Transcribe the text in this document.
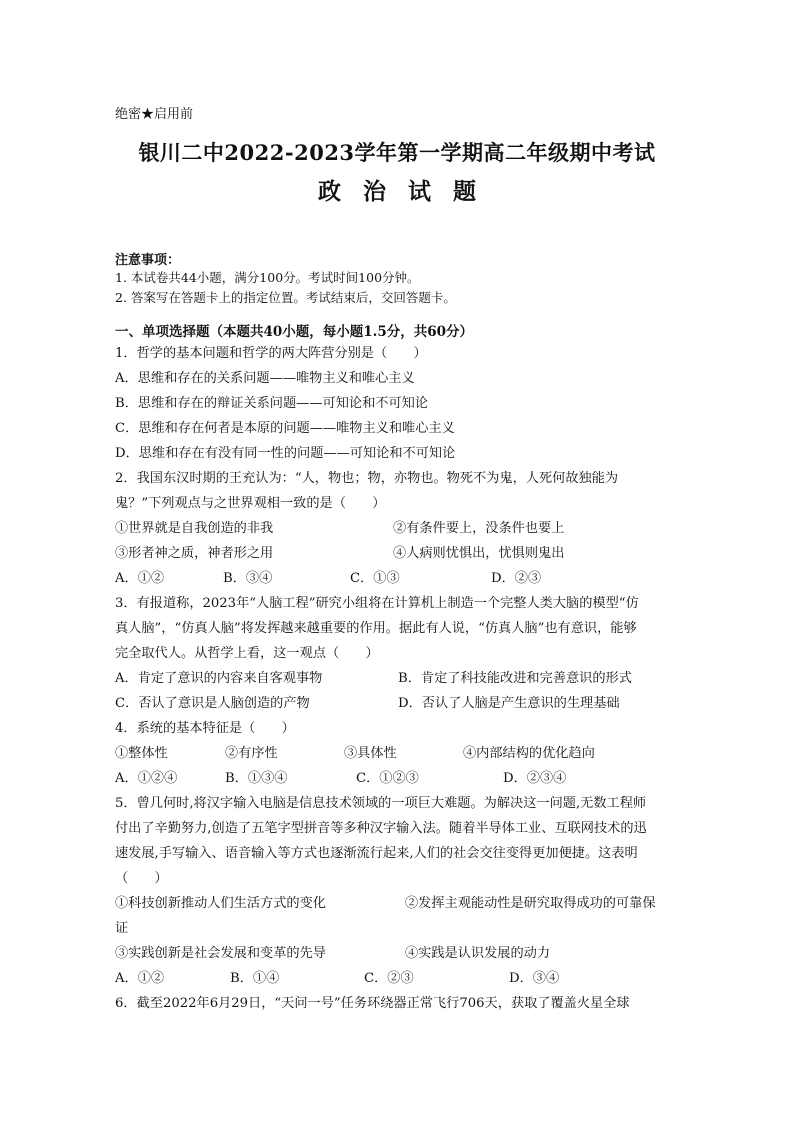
绝密★启用前
银川二中2022-2023学年第一学期高二年级期中考试
政治试题
注意事项：
1. 本试卷共44小题，满分100分。考试时间100分钟。
2. 答案写在答题卡上的指定位置。考试结束后，交回答题卡。
一、单项选择题（本题共40小题，每小题1.5分，共60分）
1．哲学的基本问题和哲学的两大阵营分别是（　　）
A．思维和存在的关系问题——唯物主义和唯心主义
B．思维和存在的辩证关系问题——可知论和不可知论
C．思维和存在何者是本原的问题——唯物主义和唯心主义
D．思维和存在有没有同一性的问题——可知论和不可知论
2．我国东汉时期的王充认为：“人，物也；物，亦物也。物死不为鬼，人死何故独能为
鬼？”下列观点与之世界观相一致的是（　　）
①世界就是自我创造的非我	②有条件要上，没条件也要上
③形者神之质，神者形之用	④人病则忧惧出，忧惧则鬼出
A．①②	B．③④	C．①③	D．②③
3．有报道称，2023年“人脑工程”研究小组将在计算机上制造一个完整人类大脑的模型“仿
真人脑”，“仿真人脑”将发挥越来越重要的作用。据此有人说，“仿真人脑”也有意识，能够
完全取代人。从哲学上看，这一观点（　　）
A．肯定了意识的内容来自客观事物	B．肯定了科技能改进和完善意识的形式
C．否认了意识是人脑创造的产物	D．否认了人脑是产生意识的生理基础
4．系统的基本特征是（　　）
①整体性	②有序性	③具体性	④内部结构的优化趋向
A．①②④	B．①③④	C．①②③	D．②③④
5．曾几何时,将汉字输入电脑是信息技术领域的一项巨大难题。为解决这一问题,无数工程师
付出了辛勤努力,创造了五笔字型拼音等多种汉字输入法。随着半导体工业、互联网技术的迅
速发展,手写输入、语音输入等方式也逐渐流行起来,人们的社会交往变得更加便捷。这表明
（　　）
①科技创新推动人们生活方式的变化	②发挥主观能动性是研究取得成功的可靠保
证
③实践创新是社会发展和变革的先导	④实践是认识发展的动力
A．①②	B．①④	C．②③	D．③④
6．截至2022年6月29日，“天问一号”任务环绕器正常飞行706天，获取了覆盖火星全球
